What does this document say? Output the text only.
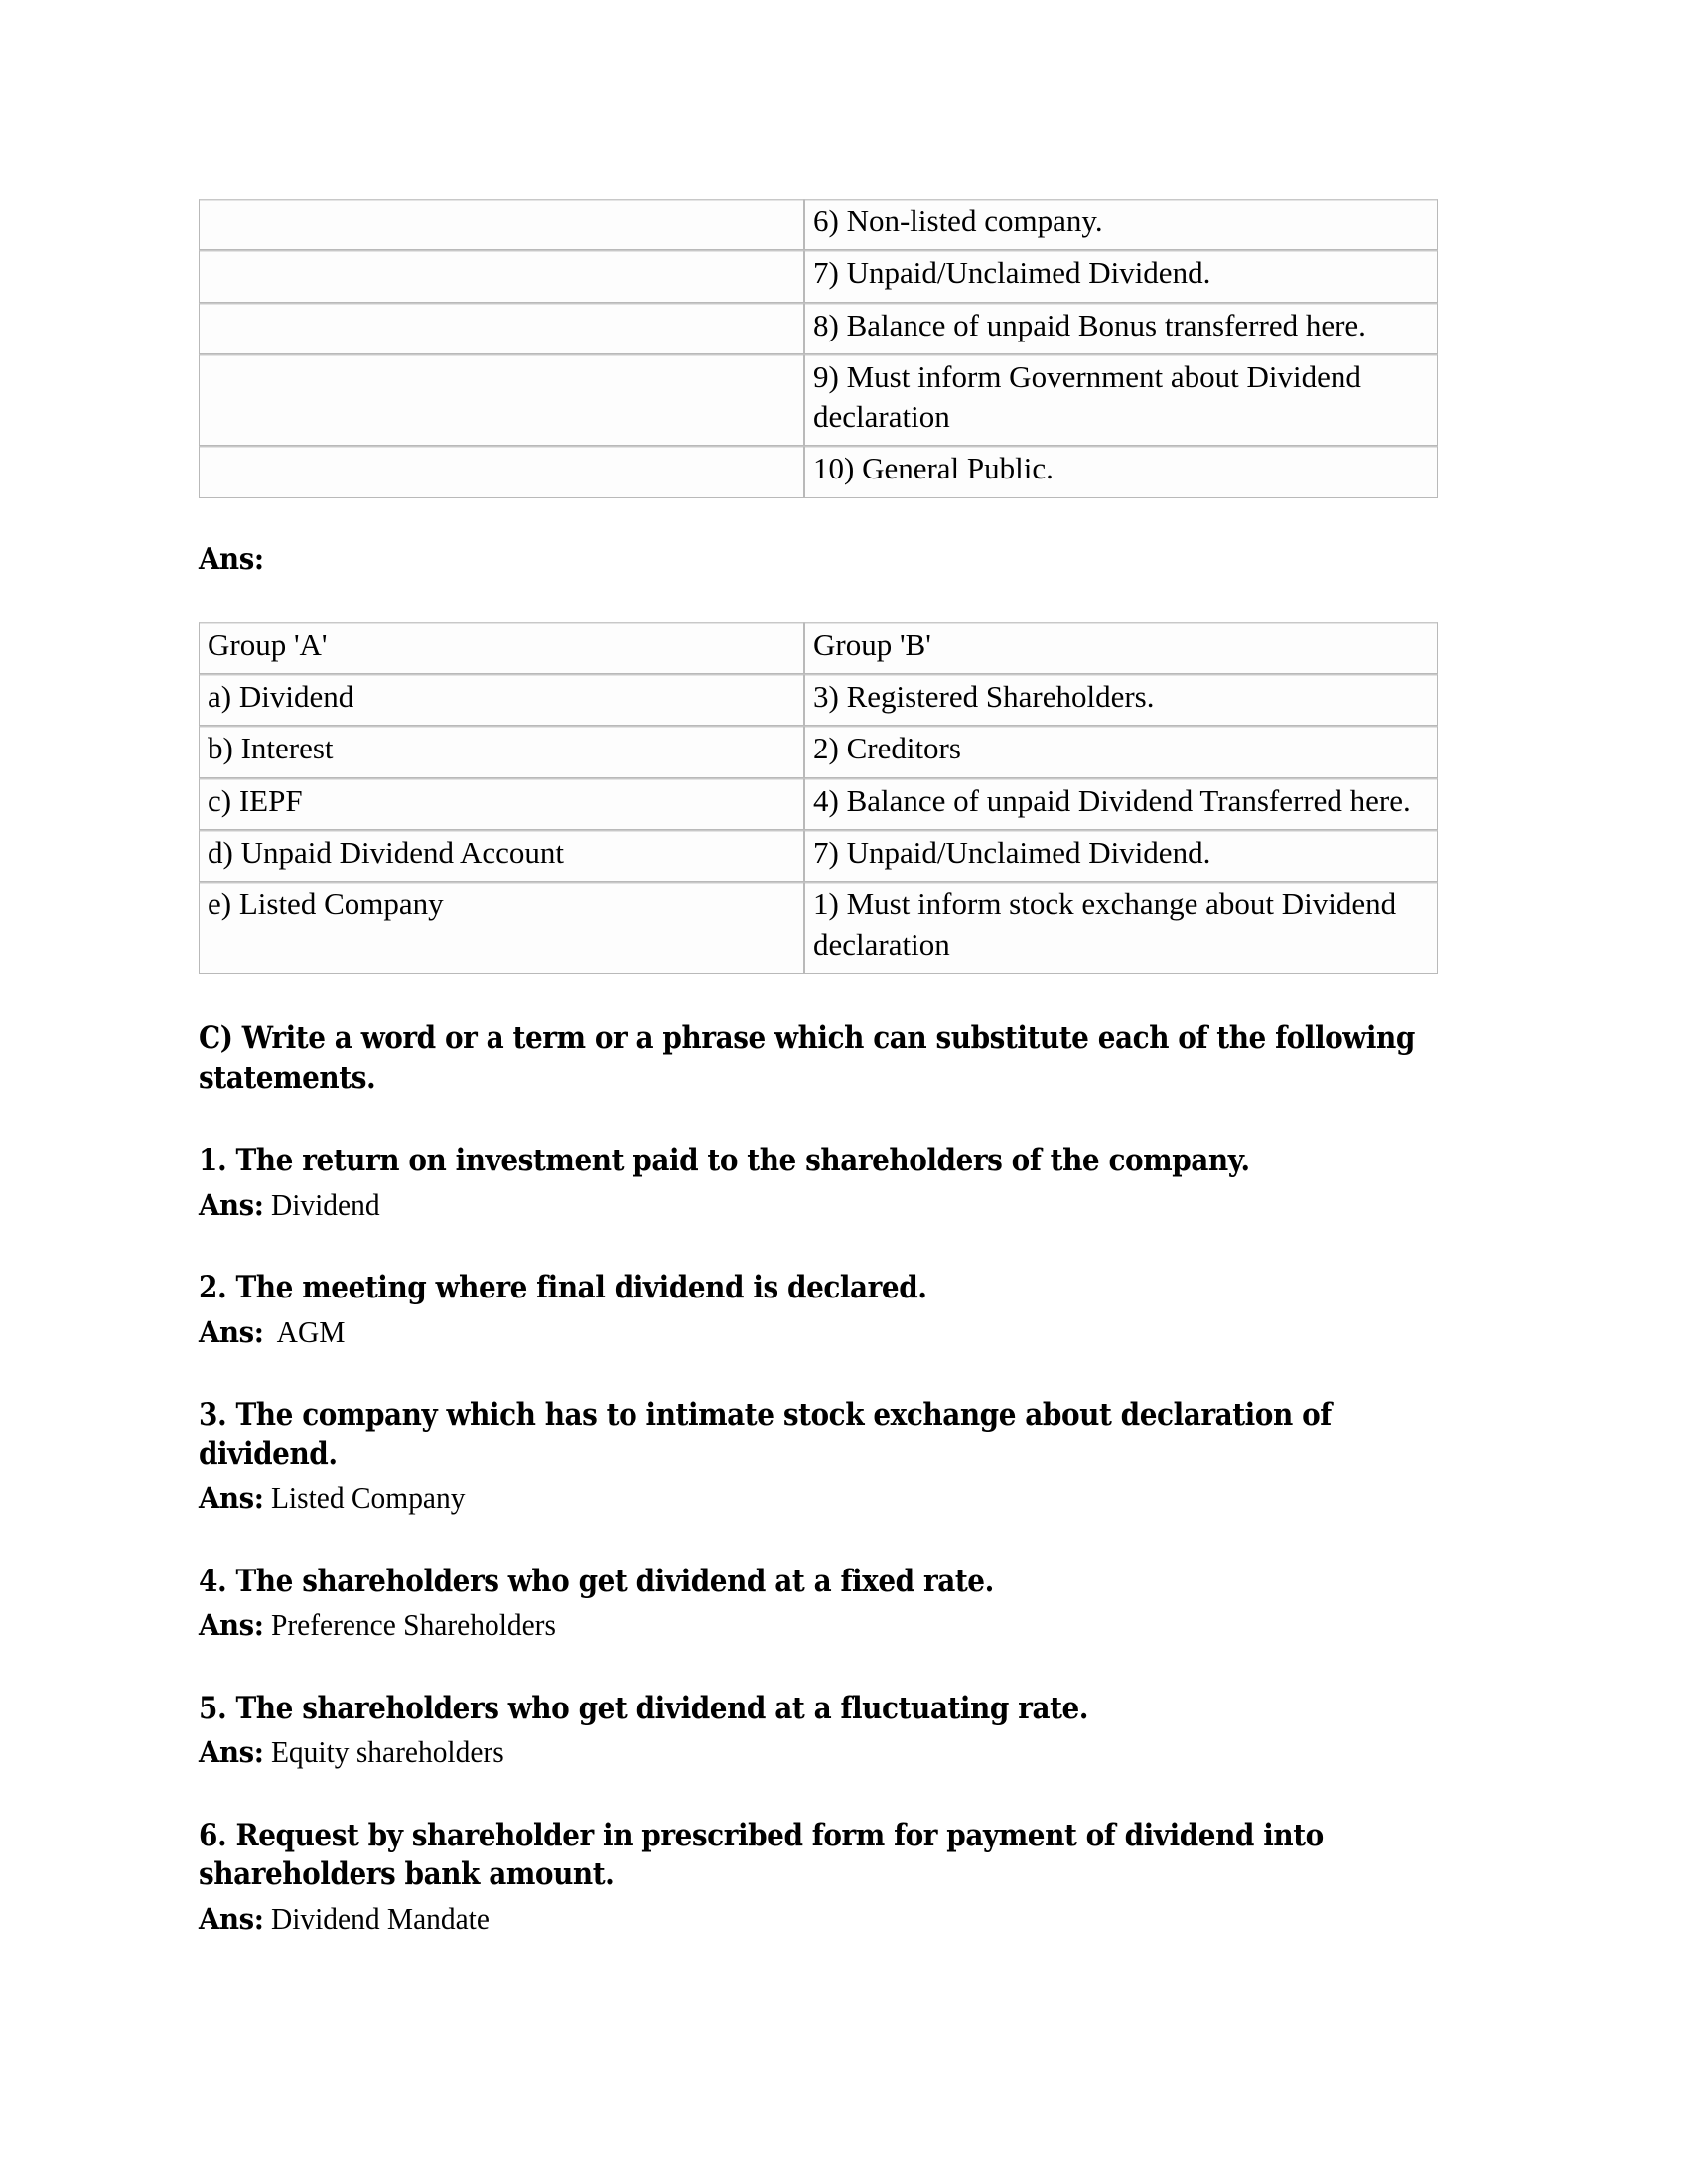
	6) Non-listed company.
	7) Unpaid/Unclaimed Dividend.
	8) Balance of unpaid Bonus transferred here.
	9) Must inform Government about Dividend declaration
	10) General Public.
Ans:
Group 'A'	Group 'B'
a) Dividend	3) Registered Shareholders.
b) Interest	2) Creditors
c) IEPF	4) Balance of unpaid Dividend Transferred here.
d) Unpaid Dividend Account	7) Unpaid/Unclaimed Dividend.
e) Listed Company	1) Must inform stock exchange about Dividend declaration
C) Write a word or a term or a phrase which can substitute each of the following statements.

1. The return on investment paid to the shareholders of the company.

Ans: Dividend

2. The meeting where final dividend is declared.

Ans:  AGM

3. The company which has to intimate stock exchange about declaration of dividend.

Ans: Listed Company

4. The shareholders who get dividend at a fixed rate.

Ans: Preference Shareholders

5. The shareholders who get dividend at a fluctuating rate.

Ans: Equity shareholders

6. Request by shareholder in prescribed form for payment of dividend into shareholders bank amount.

Ans: Dividend Mandate
